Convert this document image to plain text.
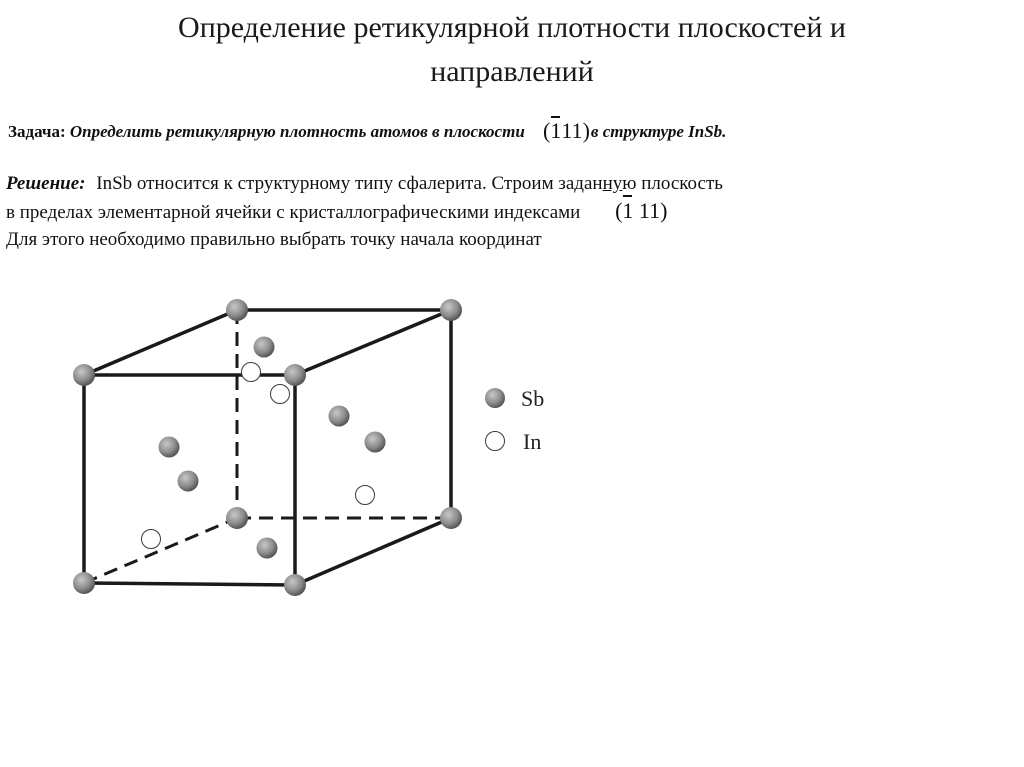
Определение ретикулярной плотности плоскостей и
направлений
Задача: Определить ретикулярную плотность атомов в плоскости (111)в структуре InSb.
Решение: InSb относится к структурному типу сфалерита. Строим заданную плоскость
в пределах элементарной ячейки с кристаллографическими индексами (1 11)
Для этого необходимо правильно выбрать точку начала координат
Sb
In
